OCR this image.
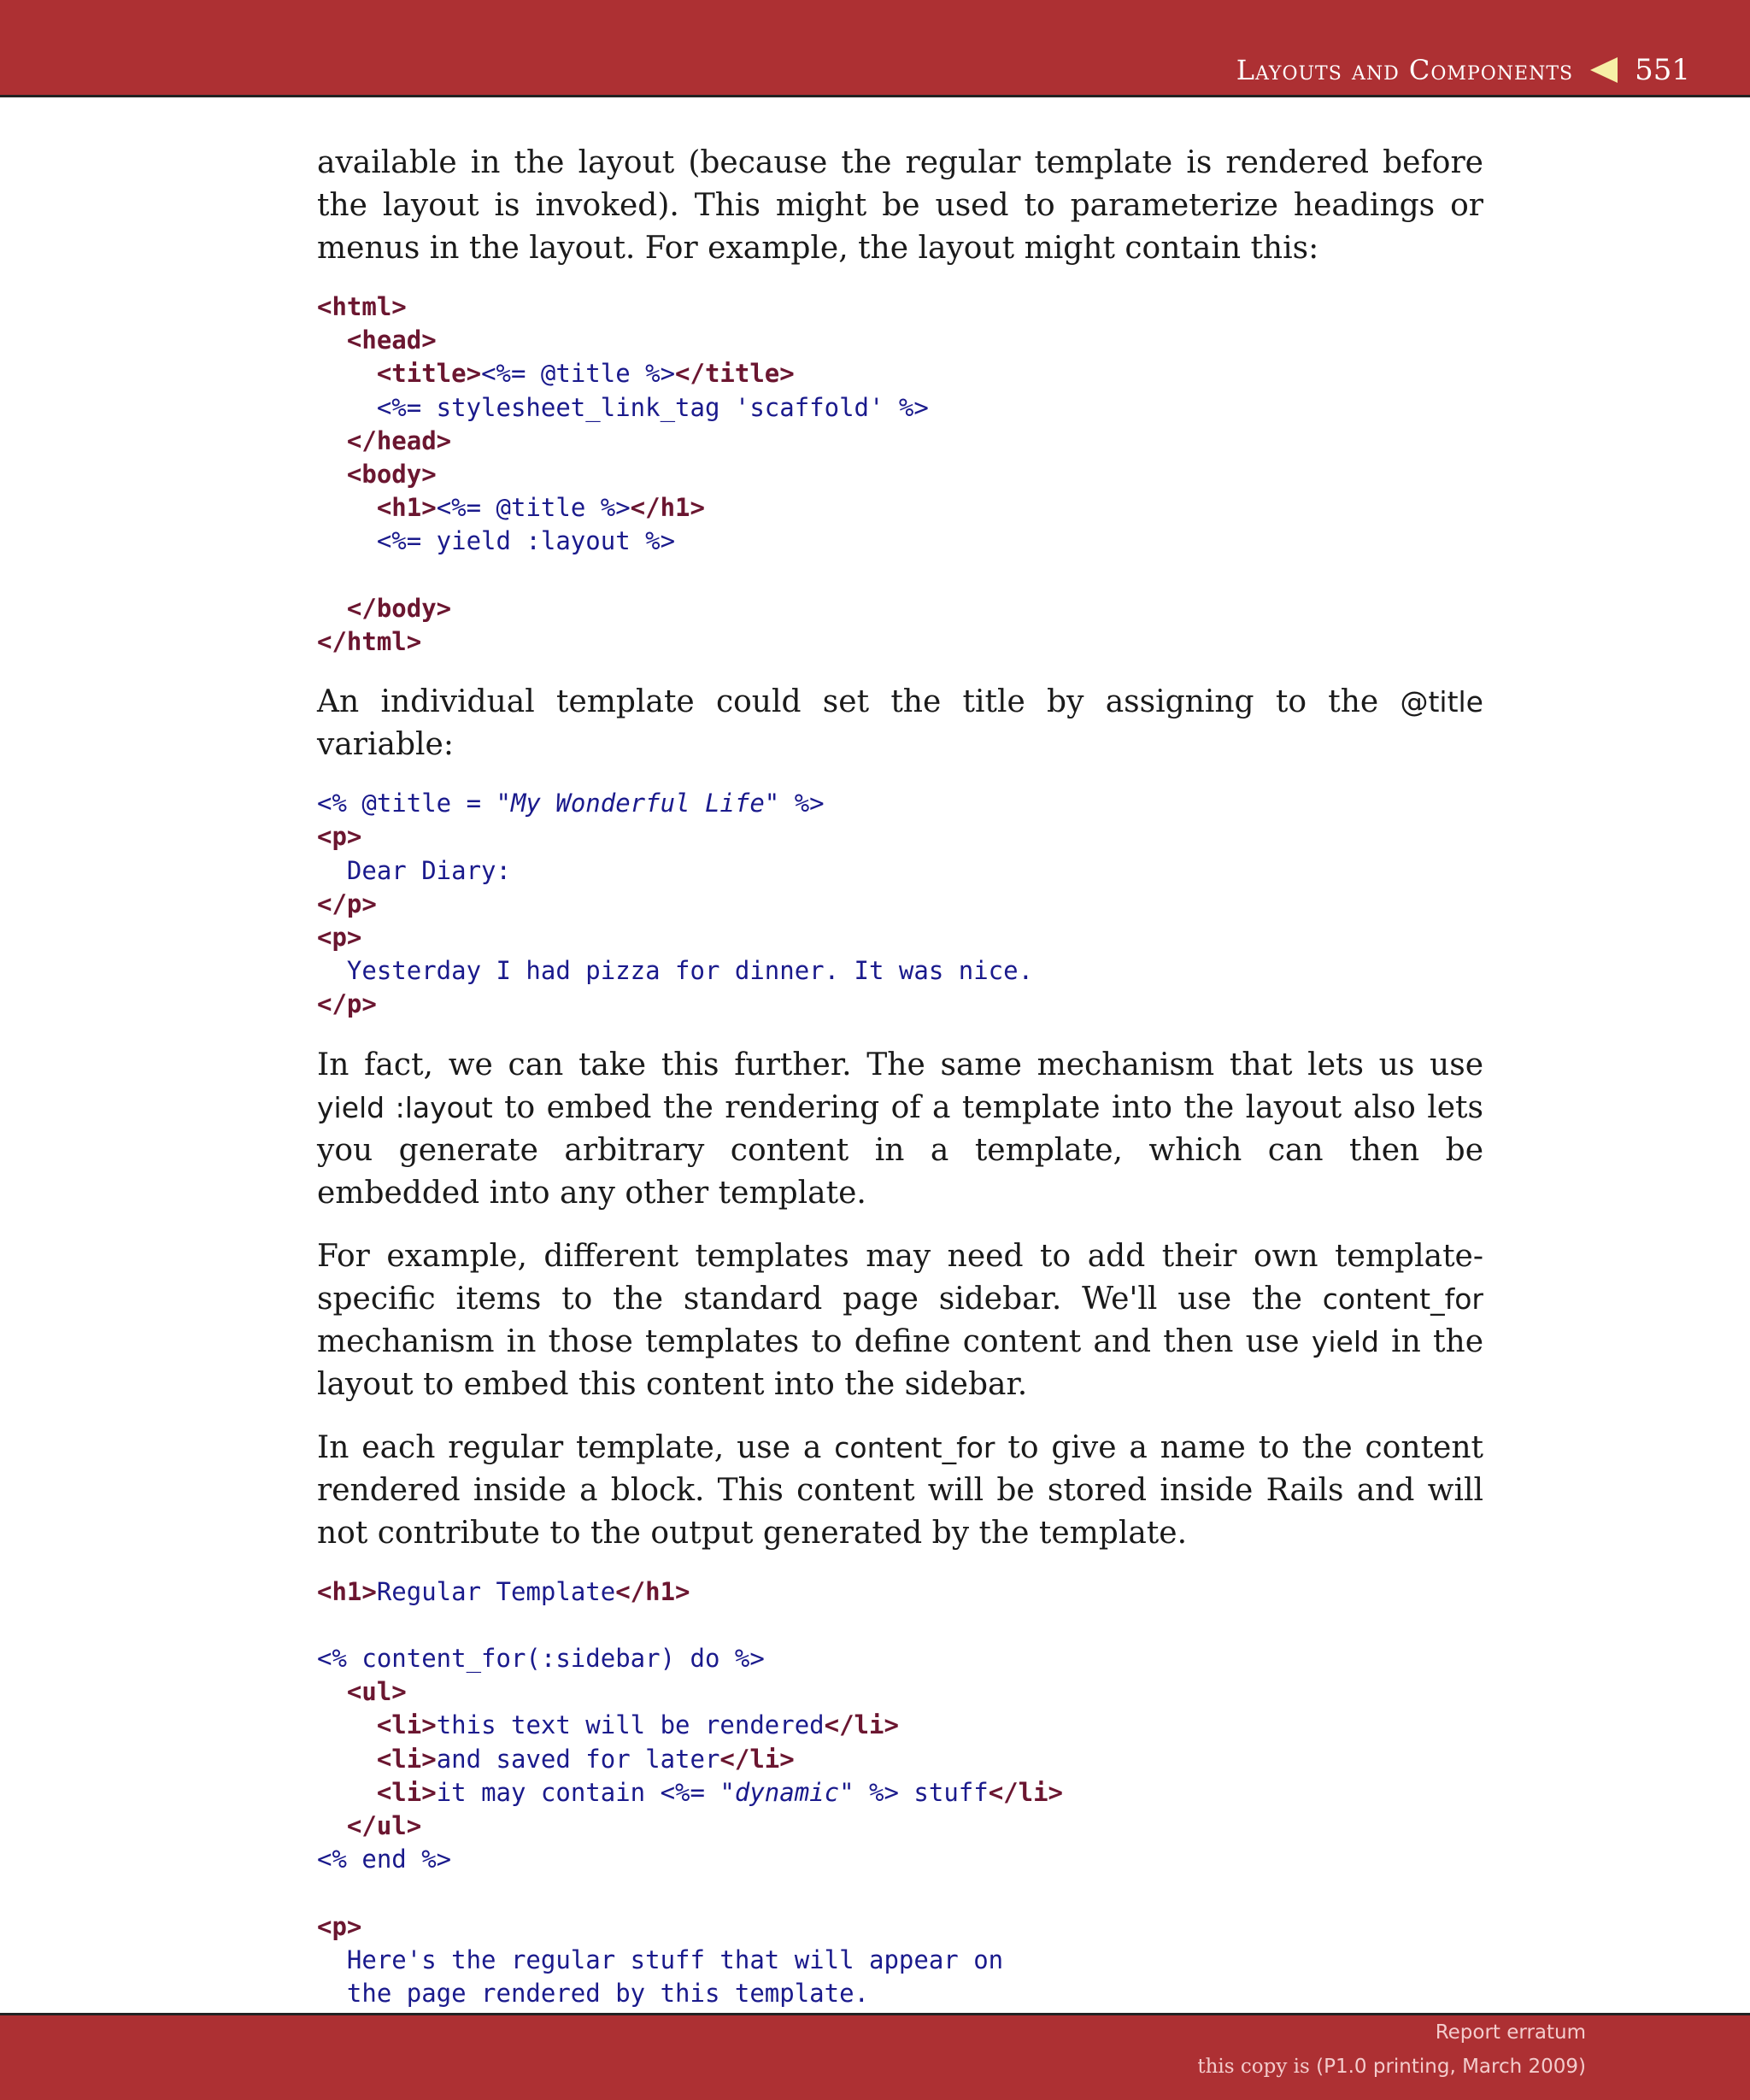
Layouts and Components 551

available in the layout (because the regular template is rendered before the layout is invoked). This might be used to parameterize headings or menus in the layout. For example, the layout might contain this:

<html>
<head>
<title><%= @title %></title>
<%= stylesheet_link_tag 'scaffold' %>
</head>
<body>
<h1><%= @title %></h1>
<%= yield :layout %>
</body>
</html>

An individual template could set the title by assigning to the @title variable:

<% @title = "My Wonderful Life" %>
<p>
Dear Diary:
</p>
<p>
Yesterday I had pizza for dinner. It was nice.
</p>

In fact, we can take this further. The same mechanism that lets us use yield :layout to embed the rendering of a template into the layout also lets you generate arbitrary content in a template, which can then be embedded into any other template.

For example, different templates may need to add their own template-specific items to the standard page sidebar. We'll use the content_for mechanism in those templates to define content and then use yield in the layout to embed this content into the sidebar.

In each regular template, use a content_for to give a name to the content rendered inside a block. This content will be stored inside Rails and will not contribute to the output generated by the template.

<h1>Regular Template</h1>
<% content_for(:sidebar) do %>
<ul>
<li>this text will be rendered</li>
<li>and saved for later</li>
<li>it may contain <%= "dynamic" %> stuff</li>
</ul>
<% end %>
<p>
Here's the regular stuff that will appear on
the page rendered by this template.
Report erratum
this copy is (P1.0 printing, March 2009)
